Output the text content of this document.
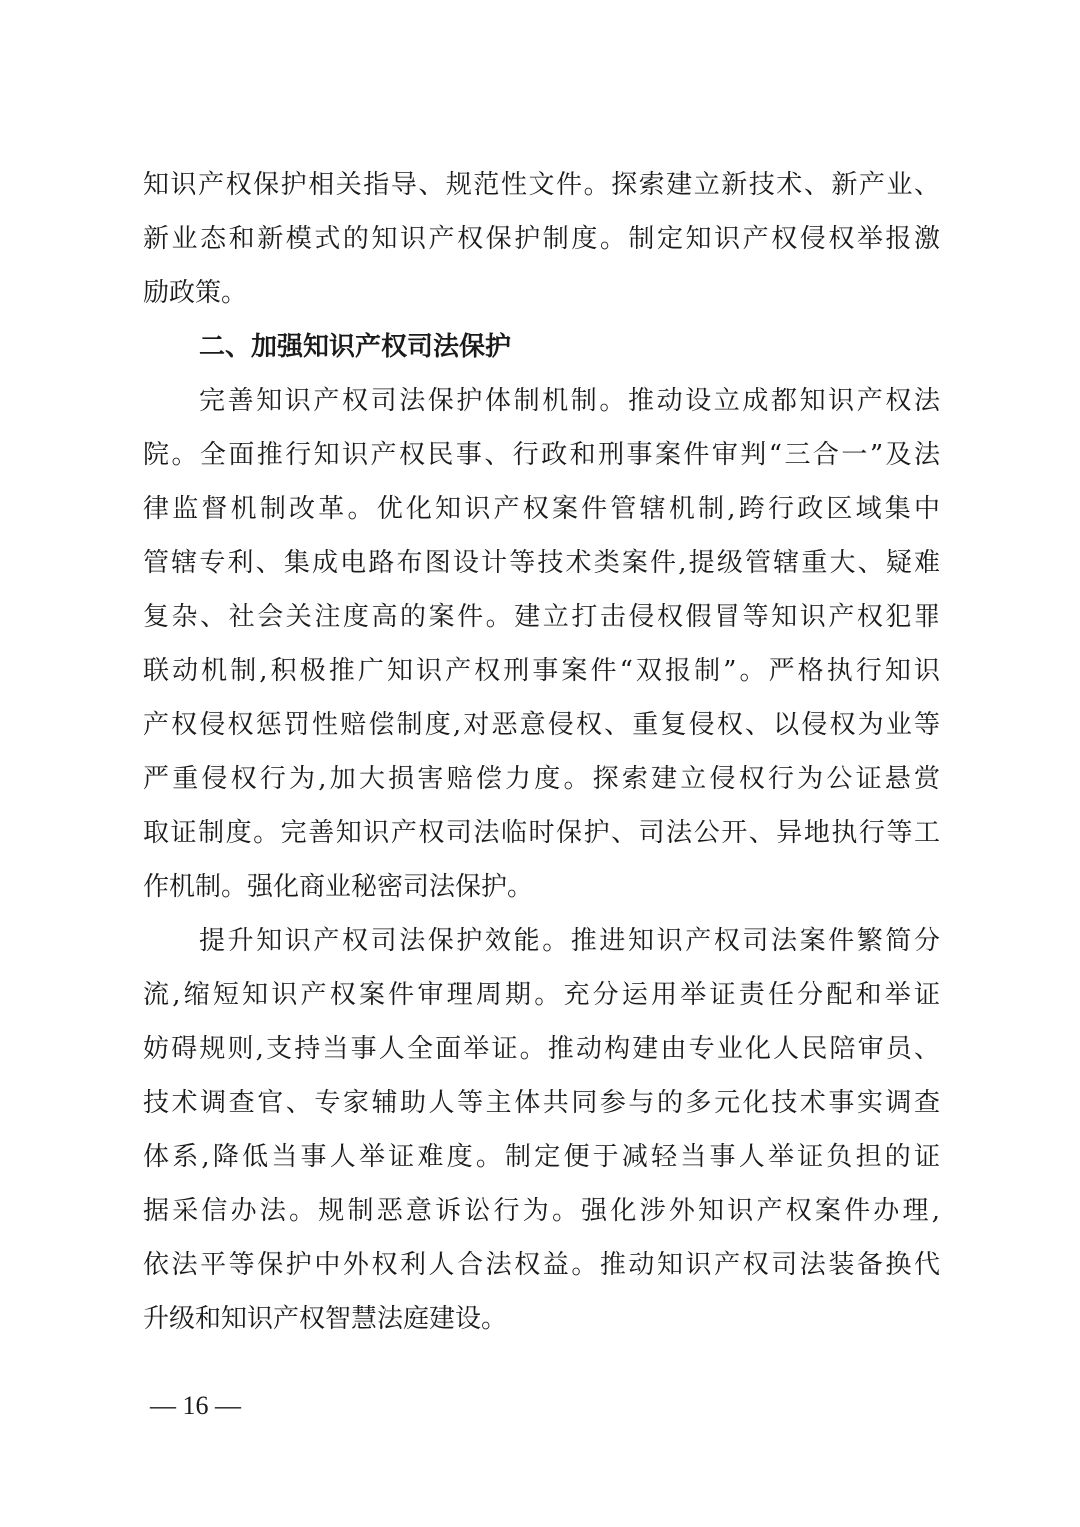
知识产权保护相关指导、规范性文件。探索建立新技术、新产业、
新业态和新模式的知识产权保护制度。制定知识产权侵权举报激
励政策。
二、加强知识产权司法保护
完善知识产权司法保护体制机制。推动设立成都知识产权法
院。全面推行知识产权民事、行政和刑事案件审判“三合一”及法
律监督机制改革。优化知识产权案件管辖机制,跨行政区域集中
管辖专利、集成电路布图设计等技术类案件,提级管辖重大、疑难
复杂、社会关注度高的案件。建立打击侵权假冒等知识产权犯罪
联动机制,积极推广知识产权刑事案件“双报制”。严格执行知识
产权侵权惩罚性赔偿制度,对恶意侵权、重复侵权、以侵权为业等
严重侵权行为,加大损害赔偿力度。探索建立侵权行为公证悬赏
取证制度。完善知识产权司法临时保护、司法公开、异地执行等工
作机制。强化商业秘密司法保护。
提升知识产权司法保护效能。推进知识产权司法案件繁简分
流,缩短知识产权案件审理周期。充分运用举证责任分配和举证
妨碍规则,支持当事人全面举证。推动构建由专业化人民陪审员、
技术调查官、专家辅助人等主体共同参与的多元化技术事实调查
体系,降低当事人举证难度。制定便于减轻当事人举证负担的证
据采信办法。规制恶意诉讼行为。强化涉外知识产权案件办理,
依法平等保护中外权利人合法权益。推动知识产权司法装备换代
升级和知识产权智慧法庭建设。
— 16 —
